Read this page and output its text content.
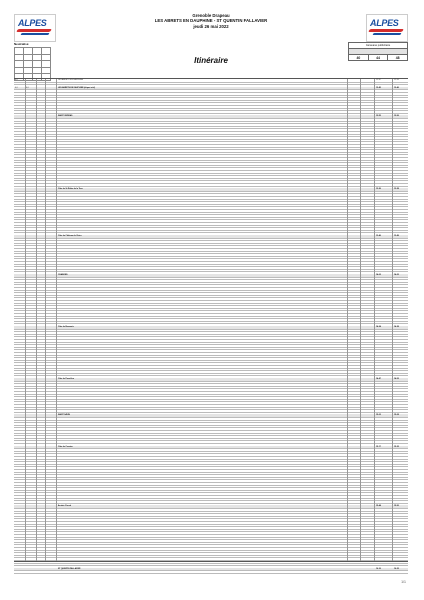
ALPES	ALPES
Grenoble Drapeau
LES ABRETS EN DAUPHINE - ST QUENTIN FALLAVIER
jeudi 26 mai 2022
Neutralisé

Itinéraire
Caravane publicitaire
40	44	48
0,0	LES ABRETS EN DAUPHINE	12:32	12:33
0,0	0,0	LES ABRETS EN DAUPHINE (départ réel)	12:45	12:46
SAINT ONDRAS	12:55	12:56
Côte de St Didier de la Tour	13:26	13:28
Côte du Château de Virieu	13:46	13:49
CHABONS	14:02	14:05
Côte de Bevenais	14:24	14:28
Côte de Parmilieu	14:47	14:52
SAINT SAVIN	15:03	15:08
Côte de Cessieu	15:17	15:22
Arrivée Circuit	15:44	15:50
ST QUENTIN FALLAVIER	16:16	16:22
1/1
